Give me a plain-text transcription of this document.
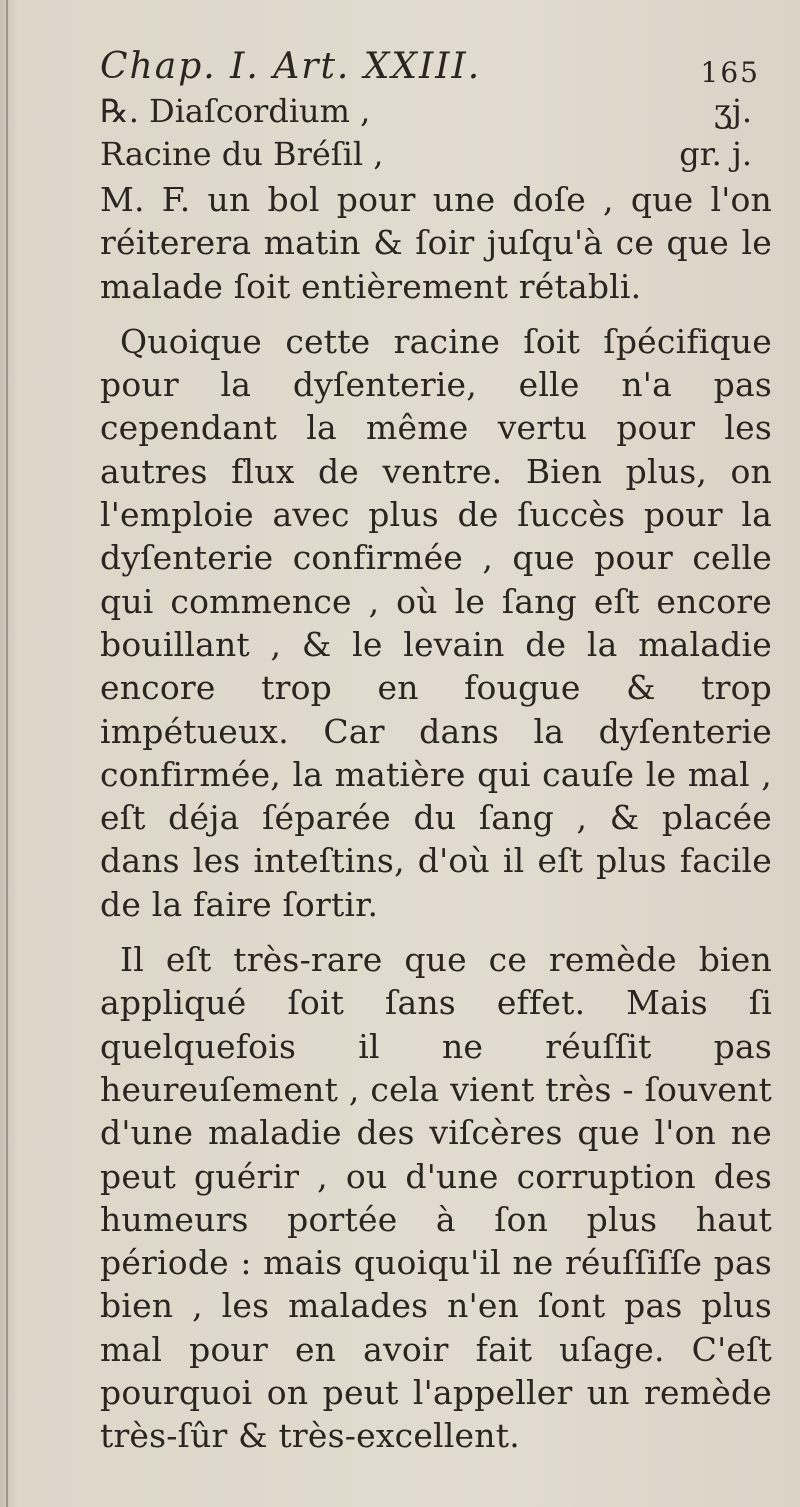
Chap. I. Art. XXIII.	165
℞. Diaſcordium ,	ʒj.
Racine du Bréſil ,	gr. j.

M. F. un bol pour une doſe , que l'on réiterera matin & ſoir juſqu'à ce que le malade ſoit entièrement rétabli.

Quoique cette racine ſoit ſpécifique pour la dyſenterie, elle n'a pas cependant la même vertu pour les autres flux de ventre. Bien plus, on l'emploie avec plus de ſuccès pour la dyſenterie confirmée , que pour celle qui commence , où le ſang eſt encore bouillant , & le levain de la maladie encore trop en fougue & trop impétueux. Car dans la dyſenterie confirmée, la matière qui cauſe le mal , eſt déja ſéparée du ſang , & placée dans les inteſtins, d'où il eſt plus facile de la faire ſortir.

Il eſt très-rare que ce remède bien appliqué ſoit ſans effet. Mais ſi quelquefois il ne réuſſit pas heureuſement , cela vient très - ſouvent d'une maladie des viſcères que l'on ne peut guérir , ou d'une corruption des humeurs portée à ſon plus haut période : mais quoiqu'il ne réuſſiſſe pas bien , les malades n'en ſont pas plus mal pour en avoir fait uſage. C'eſt pourquoi on peut l'appeller un remède très-ſûr & très-excellent.
